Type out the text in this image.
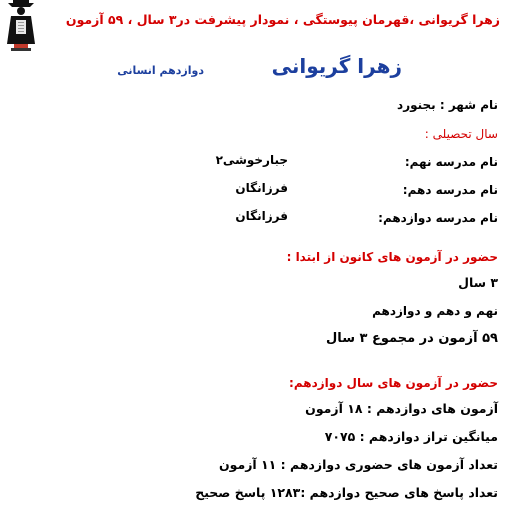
زهرا گریوانی ،قهرمان پیوستگی ، نمودار پیشرفت در۳ سال ، ۵۹ آزمون
زهرا گریوانی
دوازدهم انسانی
نام شهر : بجنورد
سال تحصیلی :
نام مدرسه نهم:
جبارخوشی۲
نام مدرسه دهم:
فرزانگان
نام مدرسه دوازدهم:
فرزانگان
حضور در آزمون های کانون از ابتدا :
۳ سال
نهم و دهم و دوازدهم
۵۹ آزمون در مجموع ۳ سال
حضور در آزمون های سال دوازدهم:
آزمون های دوازدهم : ۱۸ آزمون
میانگین تراز دوازدهم : ۷۰۷۵
تعداد آزمون های حضوری دوازدهم : ۱۱ آزمون
تعداد پاسخ های صحیح دوازدهم :۱۲۸۳ پاسخ صحیح
